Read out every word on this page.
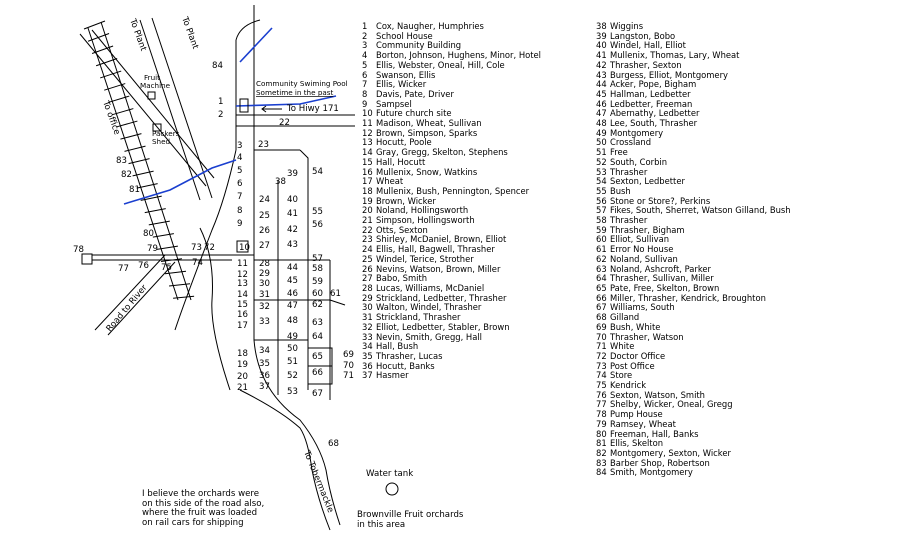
To Plant	To Plant
To office
Road to River
To Hiwy 171
To Tobermackle
Fruit
Machine
Packers
Shed
Community Swiming Pool
Sometime in the past
Water tank
1
2
3
4
5
6
7
8
9
10
11
12
13
14
15
16
17
18
19
20
21
22
23
24
25
26
27
28
29
30
31
32
33
34
35
36
37
38
39
40
41
42
43
44
45
46
47
48
49
50
51
52
53
54
55
56
57
58
59
60 61
62
63
64
65
66
67
68
69
70
71
72
73
74
75
76
77
78	79
80
81
82
83
84
1	Cox, Naugher, Humphries
2	School House
3	Community Building
4	Borton, Johnson, Hughens, Minor, Hotel
5	Ellis, Webster, Oneal, Hill, Cole
6	Swanson, Ellis
7	Ellis, Wicker
8	Davis, Pate, Driver
9	Sampsel
10 Future church site
11 Madison, Wheat, Sullivan
12 Brown, Simpson, Sparks
13 Hocutt, Poole
14 Gray, Gregg, Skelton, Stephens
15 Hall, Hocutt
16 Mullenix, Snow, Watkins
17 Wheat
18 Mullenix, Bush, Pennington, Spencer
19 Brown, Wicker
20 Noland, Hollingsworth
21 Simpson, Hollingsworth
22 Otts, Sexton
23 Shirley, McDaniel, Brown, Elliot
24 Ellis, Hall, Bagwell, Thrasher
25 Windel, Terice, Strother
26 Nevins, Watson, Brown, Miller
27 Babo, Smith
28 Lucas, Williams, McDaniel
29 Strickland, Ledbetter, Thrasher
30 Walton, Windel, Thrasher
31 Strickland, Thrasher
32 Elliot, Ledbetter, Stabler, Brown
33 Nevin, Smith, Gregg, Hall
34 Hall, Bush
35 Thrasher, Lucas
36 Hocutt, Banks
37 Hasmer
38 Wiggins
39 Langston, Bobo
40 Windel, Hall, Elliot
41 Mullenix, Thomas, Lary, Wheat
42 Thrasher, Sexton
43 Burgess, Elliot, Montgomery
44 Acker, Pope, Bigham
45 Hallman, Ledbetter
46 Ledbetter, Freeman
47 Abernathy, Ledbetter
48 Lee, South, Thrasher
49 Montgomery
50 Crossland
51 Free
52 South, Corbin
53 Thrasher
54 Sexton, Ledbetter
55 Bush
56 Stone or Store?, Perkins
57 Fikes, South, Sherret, Watson Gilland, Bush
58 Thrasher
59 Thrasher, Bigham
60 Elliot, Sullivan
61 Error No House
62 Noland, Sullivan
63 Noland, Ashcroft, Parker
64 Thrasher, Sullivan, Miller
65 Pate, Free, Skelton, Brown
66 Miller, Thrasher, Kendrick, Broughton
67 Williams, South
68 Gilland
69 Bush, White
70 Thrasher, Watson
71 White
72 Doctor Office
73 Post Office
74 Store
75 Kendrick
76 Sexton, Watson, Smith
77 Shelby, Wicker, Oneal, Gregg
78 Pump House
79 Ramsey, Wheat
80 Freeman, Hall, Banks
81 Ellis, Skelton
82 Montgomery, Sexton, Wicker
83 Barber Shop, Robertson
84 Smith, Montgomery
I believe the orchards were
on this side of the road also,
where the fruit was loaded
on rail cars for shipping
Brownville Fruit orchards
in this area
